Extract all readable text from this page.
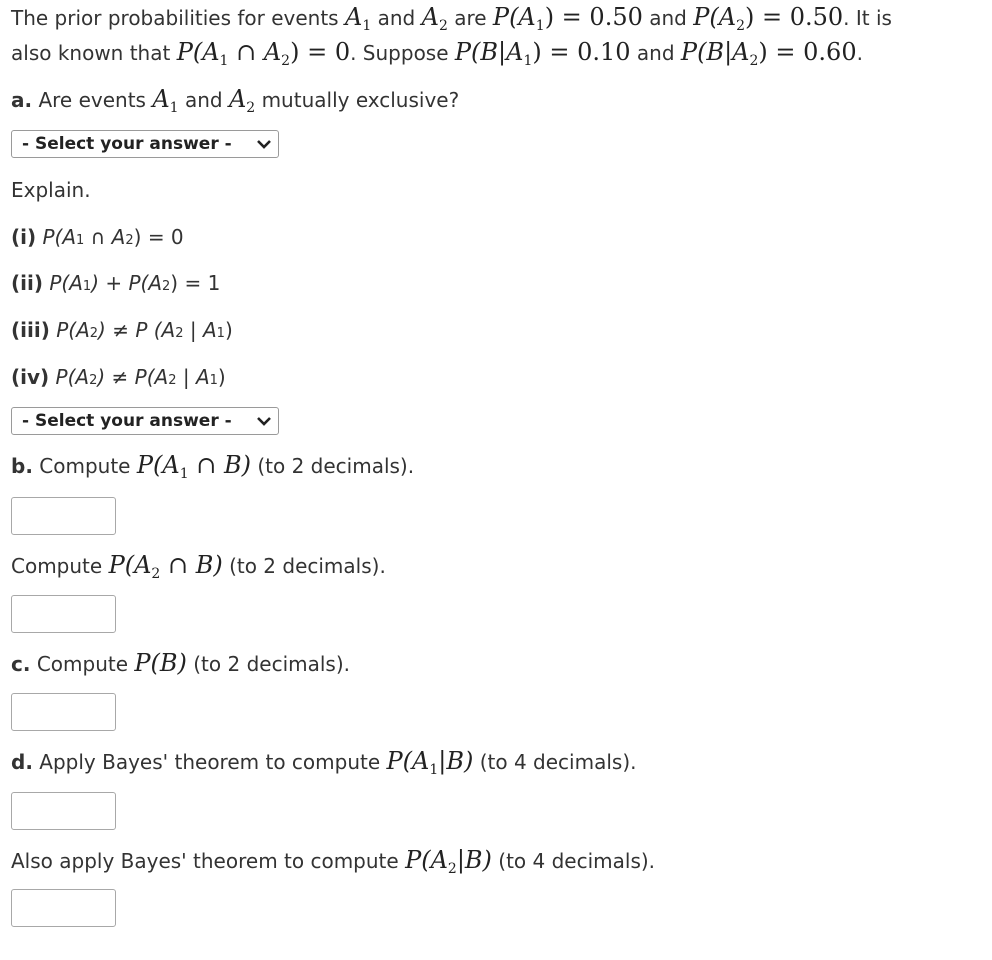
The prior probabilities for events $A_1$ and $A_2$ are $P(A_1) = 0.50$ and $P(A_2) = 0.50$. It is
also known that $P(A_1$ ∩ $A_2) = 0$. Suppose $P(B|A_1) = 0.10$ and $P(B|A_2) = 0.60$.
a. Are events $A_1$ and $A_2$ mutually exclusive?
- Select your answer -
Explain.
(i) P(A1 ∩ A2) = 0
(ii) P(A1) + P(A2) = 1
(iii) P(A2) ≠ P (A2 | A1)
(iv) P(A2) ≠ P(A2 | A1)
- Select your answer -
b. Compute $P(A_1$ ∩ B) (to 2 decimals).
Compute $P(A_2$ ∩ B) (to 2 decimals).
c. Compute P(B) (to 2 decimals).
d. Apply Bayes' theorem to compute $P(A_1|B)$ (to 4 decimals).
Also apply Bayes' theorem to compute $P(A_2|B)$ (to 4 decimals).
